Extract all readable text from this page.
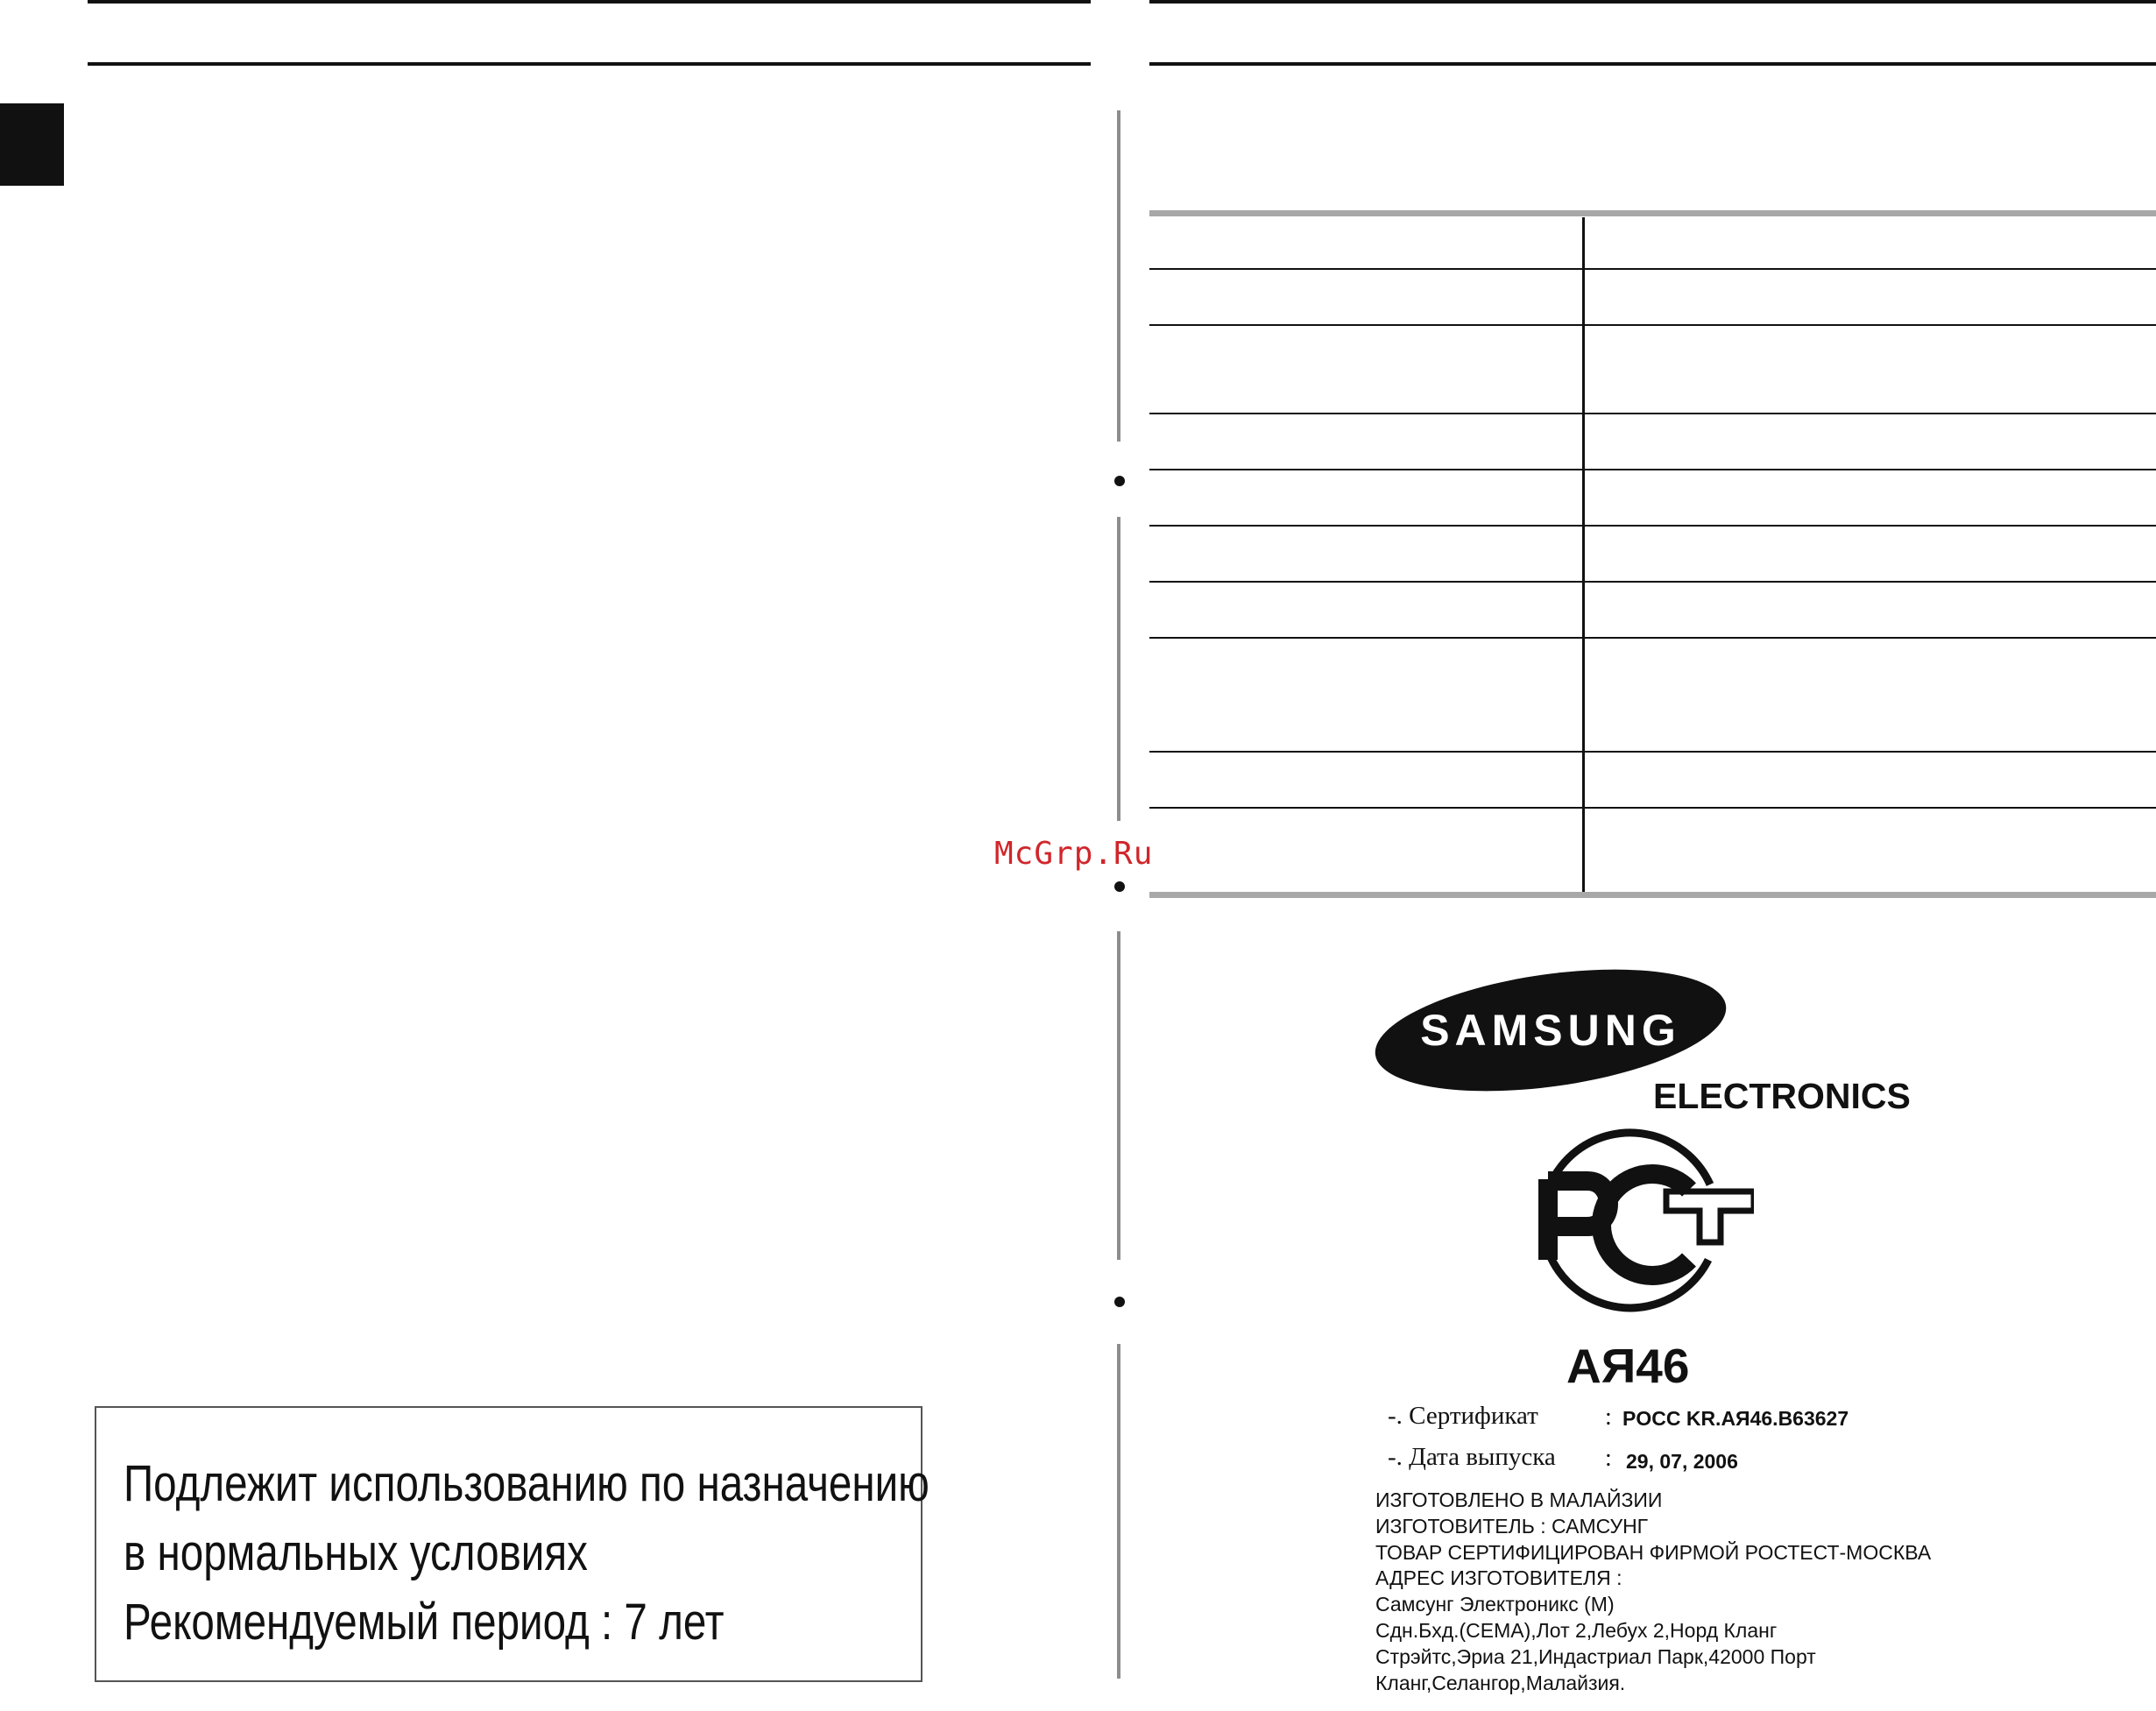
McGrp.Ru
Подлежит использованию по назначению
в нормальных условиях
Рекомендуемый период : 7 лет
SAMSUNG
ELECTRONICS
АЯ46
-. Сертификат	: POCC KR.АЯ46.B63627
-. Дата выпуска : 29, 07, 2006
ИЗГОТОВЛЕНО В МАЛАЙЗИИ
ИЗГОТОВИТЕЛЬ : САМСУНГ
ТОВАР СЕРТИФИЦИРОВАН ФИРМОЙ РОСТЕСТ-МОСКВА
АДРЕС ИЗГОТОВИТЕЛЯ :
Самсунг Электроникс (М)
Сдн.Бхд.(СЕМА),Лот 2,Лебух 2,Норд Кланг
Стрэйтс,Эриа 21,Индастриал Парк,42000 Порт
Кланг,Селангор,Малайзия.
